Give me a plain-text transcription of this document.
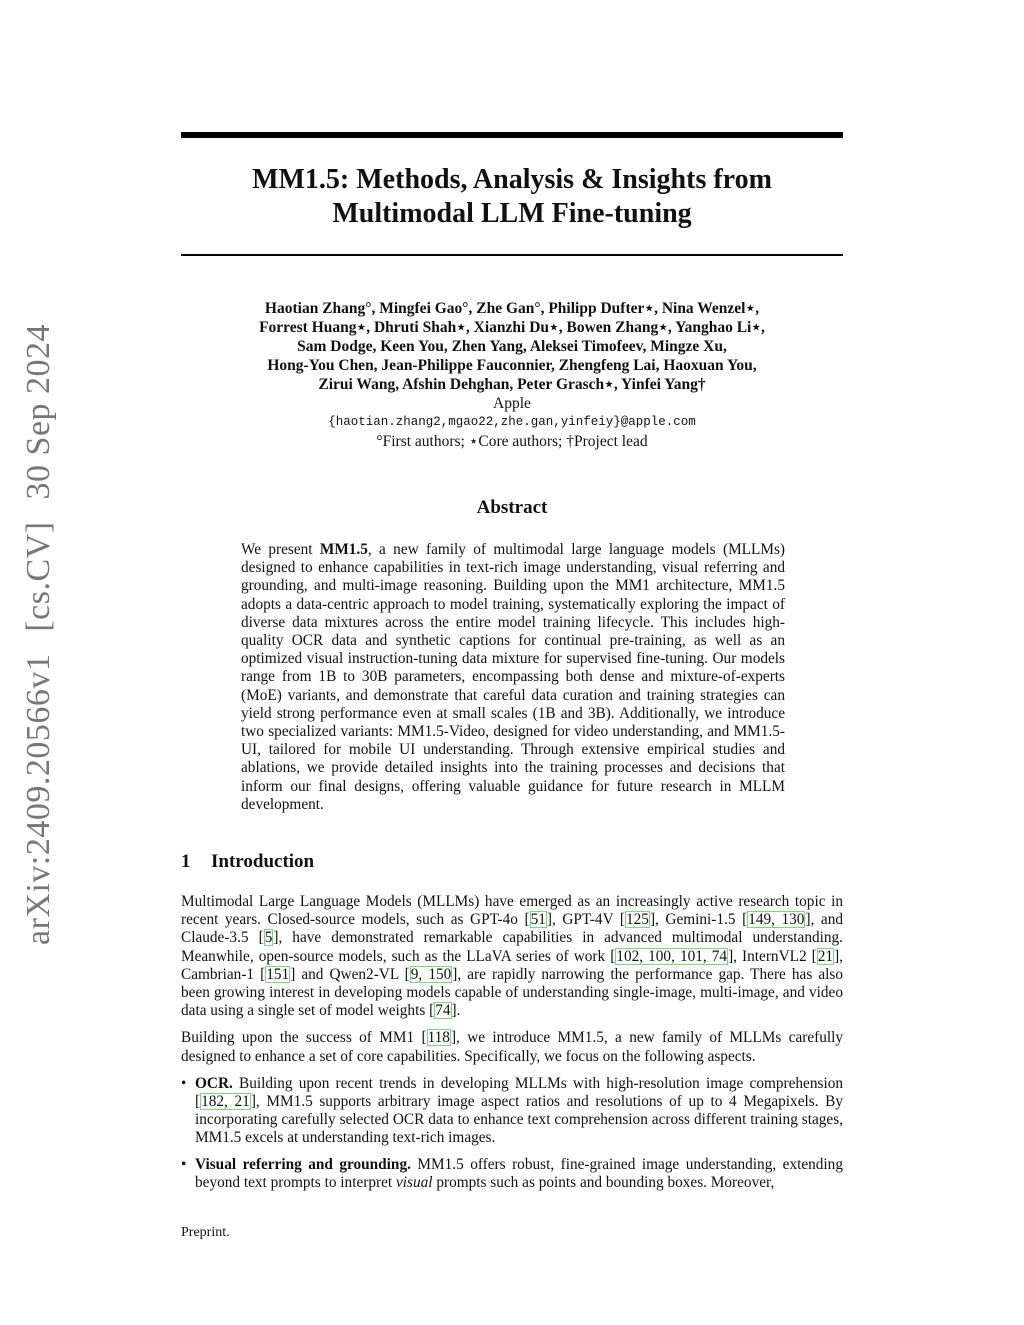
arXiv:2409.20566v1[cs.CV]30 Sep 2024
MM1.5: Methods, Analysis & Insights from
Multimodal LLM Fine-tuning
Haotian Zhang°, Mingfei Gao°, Zhe Gan°, Philipp Dufter⋆, Nina Wenzel⋆,
Forrest Huang⋆, Dhruti Shah⋆, Xianzhi Du⋆, Bowen Zhang⋆, Yanghao Li⋆,
Sam Dodge, Keen You, Zhen Yang, Aleksei Timofeev, Mingze Xu,
Hong-You Chen, Jean-Philippe Fauconnier, Zhengfeng Lai, Haoxuan You,
Zirui Wang, Afshin Dehghan, Peter Grasch⋆, Yinfei Yang†
Apple
{haotian.zhang2,mgao22,zhe.gan,yinfeiy}@apple.com
°First authors; ⋆Core authors; †Project lead
Abstract

We present MM1.5, a new family of multimodal large language models (MLLMs) designed to enhance capabilities in text-rich image understanding, visual referring and grounding, and multi-image reasoning. Building upon the MM1 architecture, MM1.5 adopts a data-centric approach to model training, systematically exploring the impact of diverse data mixtures across the entire model training lifecycle. This includes high-quality OCR data and synthetic captions for continual pre-training, as well as an optimized visual instruction-tuning data mixture for supervised fine-tuning. Our models range from 1B to 30B parameters, encompassing both dense and mixture-of-experts (MoE) variants, and demonstrate that careful data curation and training strategies can yield strong performance even at small scales (1B and 3B). Additionally, we introduce two specialized variants: MM1.5-Video, designed for video understanding, and MM1.5-UI, tailored for mobile UI understanding. Through extensive empirical studies and ablations, we provide detailed insights into the training processes and decisions that inform our final designs, offering valuable guidance for future research in MLLM development.

1 Introduction

Multimodal Large Language Models (MLLMs) have emerged as an increasingly active research topic in recent years. Closed-source models, such as GPT-4o [51], GPT-4V [125], Gemini-1.5 [149, 130], and Claude-3.5 [5], have demonstrated remarkable capabilities in advanced multimodal understanding. Meanwhile, open-source models, such as the LLaVA series of work [102, 100, 101, 74], InternVL2 [21], Cambrian-1 [151] and Qwen2-VL [9, 150], are rapidly narrowing the performance gap. There has also been growing interest in developing models capable of understanding single-image, multi-image, and video data using a single set of model weights [74].

Building upon the success of MM1 [118], we introduce MM1.5, a new family of MLLMs carefully designed to enhance a set of core capabilities. Specifically, we focus on the following aspects.

• OCR. Building upon recent trends in developing MLLMs with high-resolution image comprehension [182, 21], MM1.5 supports arbitrary image aspect ratios and resolutions of up to 4 Megapixels. By incorporating carefully selected OCR data to enhance text comprehension across different training stages, MM1.5 excels at understanding text-rich images.
• Visual referring and grounding. MM1.5 offers robust, fine-grained image understanding, extending beyond text prompts to interpret visual prompts such as points and bounding boxes. Moreover,
Preprint.
